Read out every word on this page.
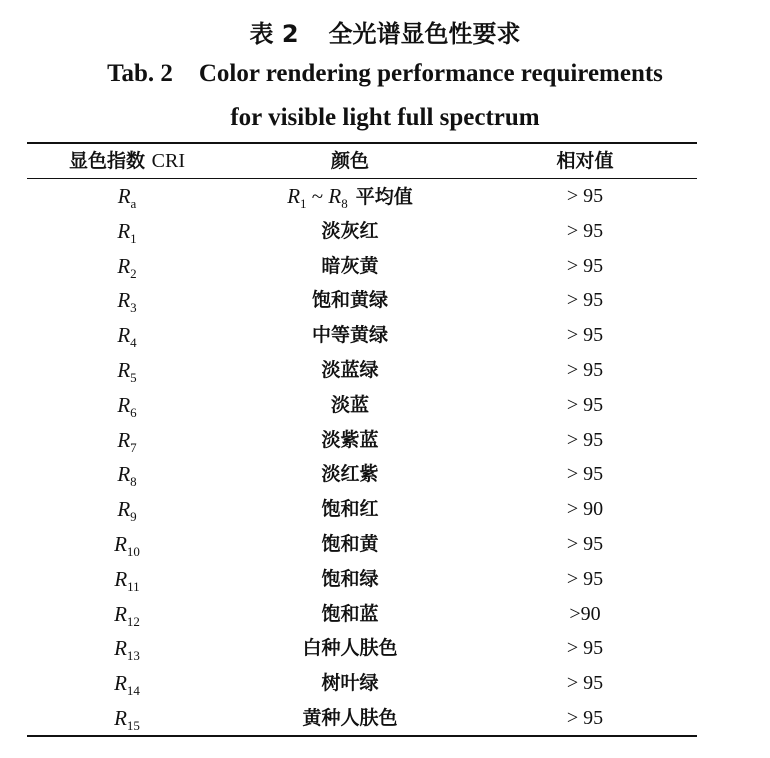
表 2 全光谱显色性要求
Tab. 2 Color rendering performance requirements
for visible light full spectrum
显色指数 CRI	颜色	相对值
$R_a$	$R_1$ ~ $R_8$ 平均值	> 95
$R_1$	淡灰红	> 95
$R_2$	暗灰黄	> 95
$R_3$	饱和黄绿	> 95
$R_4$	中等黄绿	> 95
$R_5$	淡蓝绿	> 95
$R_6$	淡蓝	> 95
$R_7$	淡紫蓝	> 95
$R_8$	淡红紫	> 95
$R_9$	饱和红	> 90
$R_{10}$	饱和黄	> 95
$R_{11}$	饱和绿	> 95
$R_{12}$	饱和蓝	>90
$R_{13}$	白种人肤色	> 95
$R_{14}$	树叶绿	> 95
$R_{15}$	黄种人肤色	> 95
